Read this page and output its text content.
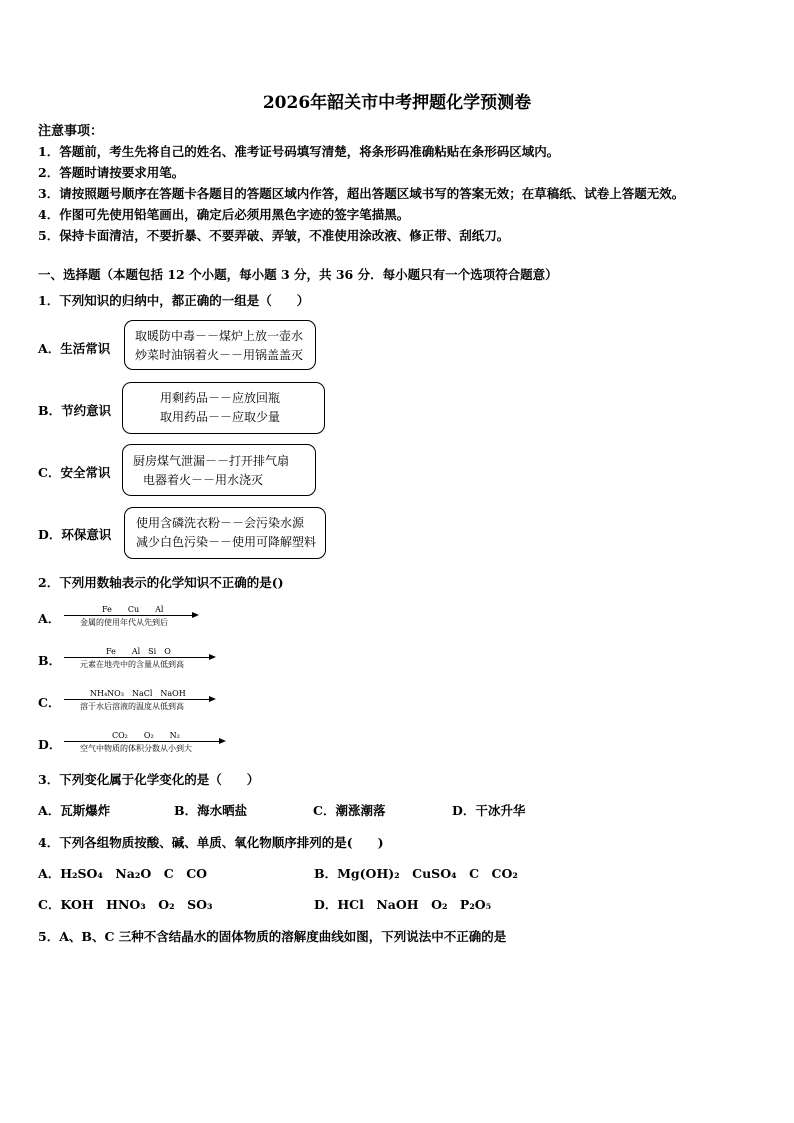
2026年韶关市中考押题化学预测卷
注意事项：
1．答题前，考生先将自己的姓名、准考证号码填写清楚，将条形码准确粘贴在条形码区域内。
2．答题时请按要求用笔。
3．请按照题号顺序在答题卡各题目的答题区域内作答，超出答题区域书写的答案无效；在草稿纸、试卷上答题无效。
4．作图可先使用铅笔画出，确定后必须用黑色字迹的签字笔描黑。
5．保持卡面清洁，不要折暴、不要弄破、弄皱，不准使用涂改液、修正带、刮纸刀。
一、选择题（本题包括 12 个小题，每小题 3 分，共 36 分．每小题只有一个选项符合题意）
1．下列知识的归纳中，都正确的一组是（　　）
A．生活常识
取暖防中毒－－煤炉上放一壶水
炒菜时油锅着火－－用锅盖盖灭
B．节约意识
用剩药品－－应放回瓶
取用药品－－应取少量
C．安全常识
厨房煤气泄漏－－打开排气扇
电器着火－－用水浇灭
D．环保意识
使用含磷洗衣粉－－会污染水源
减少白色污染－－使用可降解塑料
2．下列用数轴表示的化学知识不正确的是()
A．
Fe　　Cu　　Al
金属的使用年代从先到后
B．
Fe　　Al　Si　O
元素在地壳中的含量从低到高
C．
NH₄NO₃　NaCl　NaOH
溶于水后溶液的温度从低到高
D．
CO₂　　O₂　　N₂
空气中物质的体积分数从小到大
3．下列变化属于化学变化的是（　　）
A．瓦斯爆炸	B．海水晒盐	C．潮涨潮落	D．干冰升华
4．下列各组物质按酸、碱、单质、氧化物顺序排列的是(　　)
A．H₂SO₄　Na₂O　C　CO	B．Mg(OH)₂　CuSO₄　C　CO₂
C．KOH　HNO₃　O₂　SO₃	D．HCl　NaOH　O₂　P₂O₅
5．A、B、C 三种不含结晶水的固体物质的溶解度曲线如图，下列说法中不正确的是
